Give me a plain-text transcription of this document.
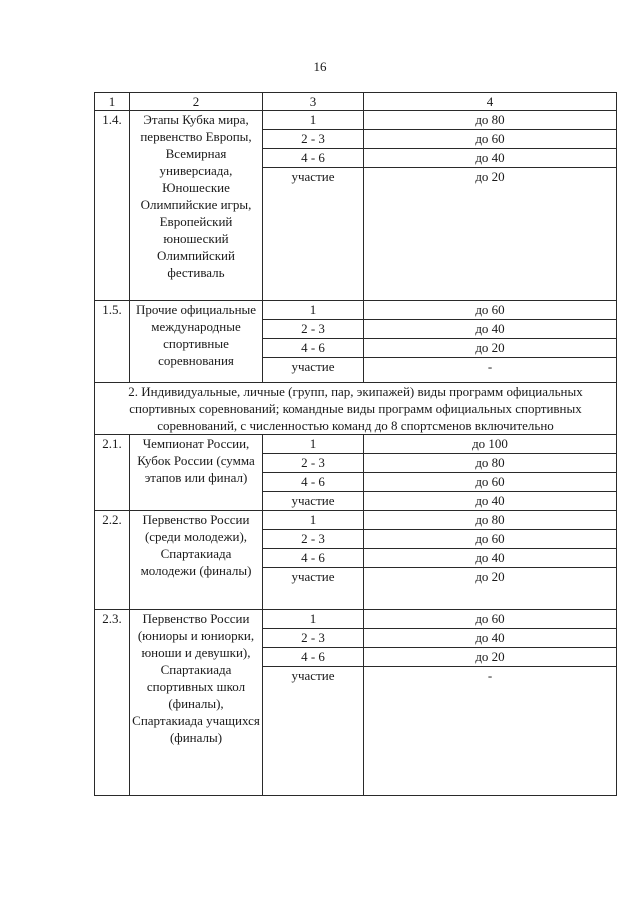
16
1	2	3	4
1.4.	Этапы Кубка мира, первенство Европы, Всемирная универсиада, Юношеские Олимпийские игры, Европейский юношеский Олимпийский фестиваль	1	до 80
		2 - 3	до 60
		4 - 6	до 40
		участие	до 20
1.5.	Прочие официальные международные спортивные соревнования	1	до 60
		2 - 3	до 40
		4 - 6	до 20
		участие	-
2. Индивидуальные, личные (групп, пар, экипажей) виды программ официальных спортивных соревнований; командные виды программ официальных спортивных соревнований, с численностью команд до 8 спортсменов включительно			
2.1.	Чемпионат России, Кубок России (сумма этапов или финал)	1	до 100
		2 - 3	до 80
		4 - 6	до 60
		участие	до 40
2.2.	Первенство России (среди молодежи), Спартакиада молодежи (финалы)	1	до 80
		2 - 3	до 60
		4 - 6	до 40
		участие	до 20
2.3.	Первенство России (юниоры и юниорки, юноши и девушки), Спартакиада спортивных школ (финалы), Спартакиада учащихся (финалы)	1	до 60
		2 - 3	до 40
		4 - 6	до 20
		участие	-
